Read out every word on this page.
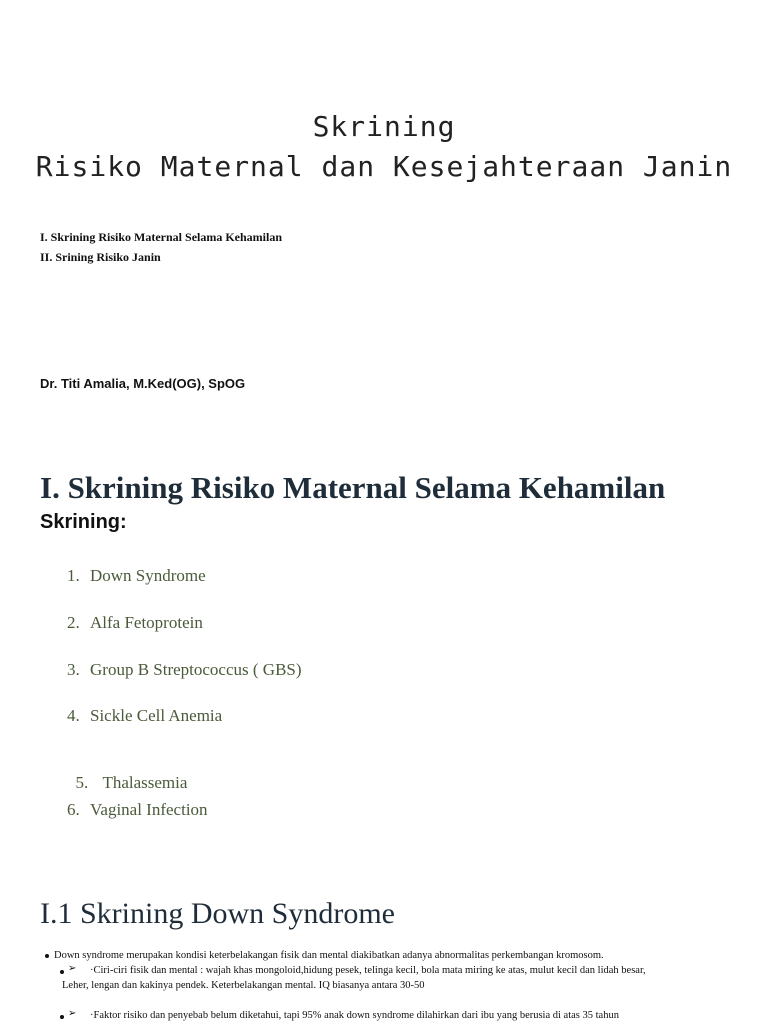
Skrining
Risiko Maternal dan Kesejahteraan Janin
I. Skrining Risiko Maternal Selama Kehamilan
II. Srining Risiko Janin
Dr. Titi Amalia, M.Ked(OG), SpOG
I. Skrining Risiko Maternal Selama Kehamilan
Skrining:
1. Down Syndrome
2. Alfa Fetoprotein
3. Group B Streptococcus ( GBS)
4. Sickle Cell Anemia

5. Thalassemia

6. Vaginal Infection
I.1 Skrining Down Syndrome
Down syndrome merupakan kondisi keterbelakangan fisik dan mental diakibatkan adanya abnormalitas perkembangan kromosom.
➢ ·Ciri-ciri fisik dan mental : wajah khas mongoloid,hidung pesek, telinga kecil, bola mata miring ke atas, mulut kecil dan lidah besar,
Leher, lengan dan kakinya pendek. Keterbelakangan mental. IQ biasanya antara 30-50
➢ ·Faktor risiko dan penyebab belum diketahui, tapi 95% anak down syndrome dilahirkan dari ibu yang berusia di atas 35 tahun
